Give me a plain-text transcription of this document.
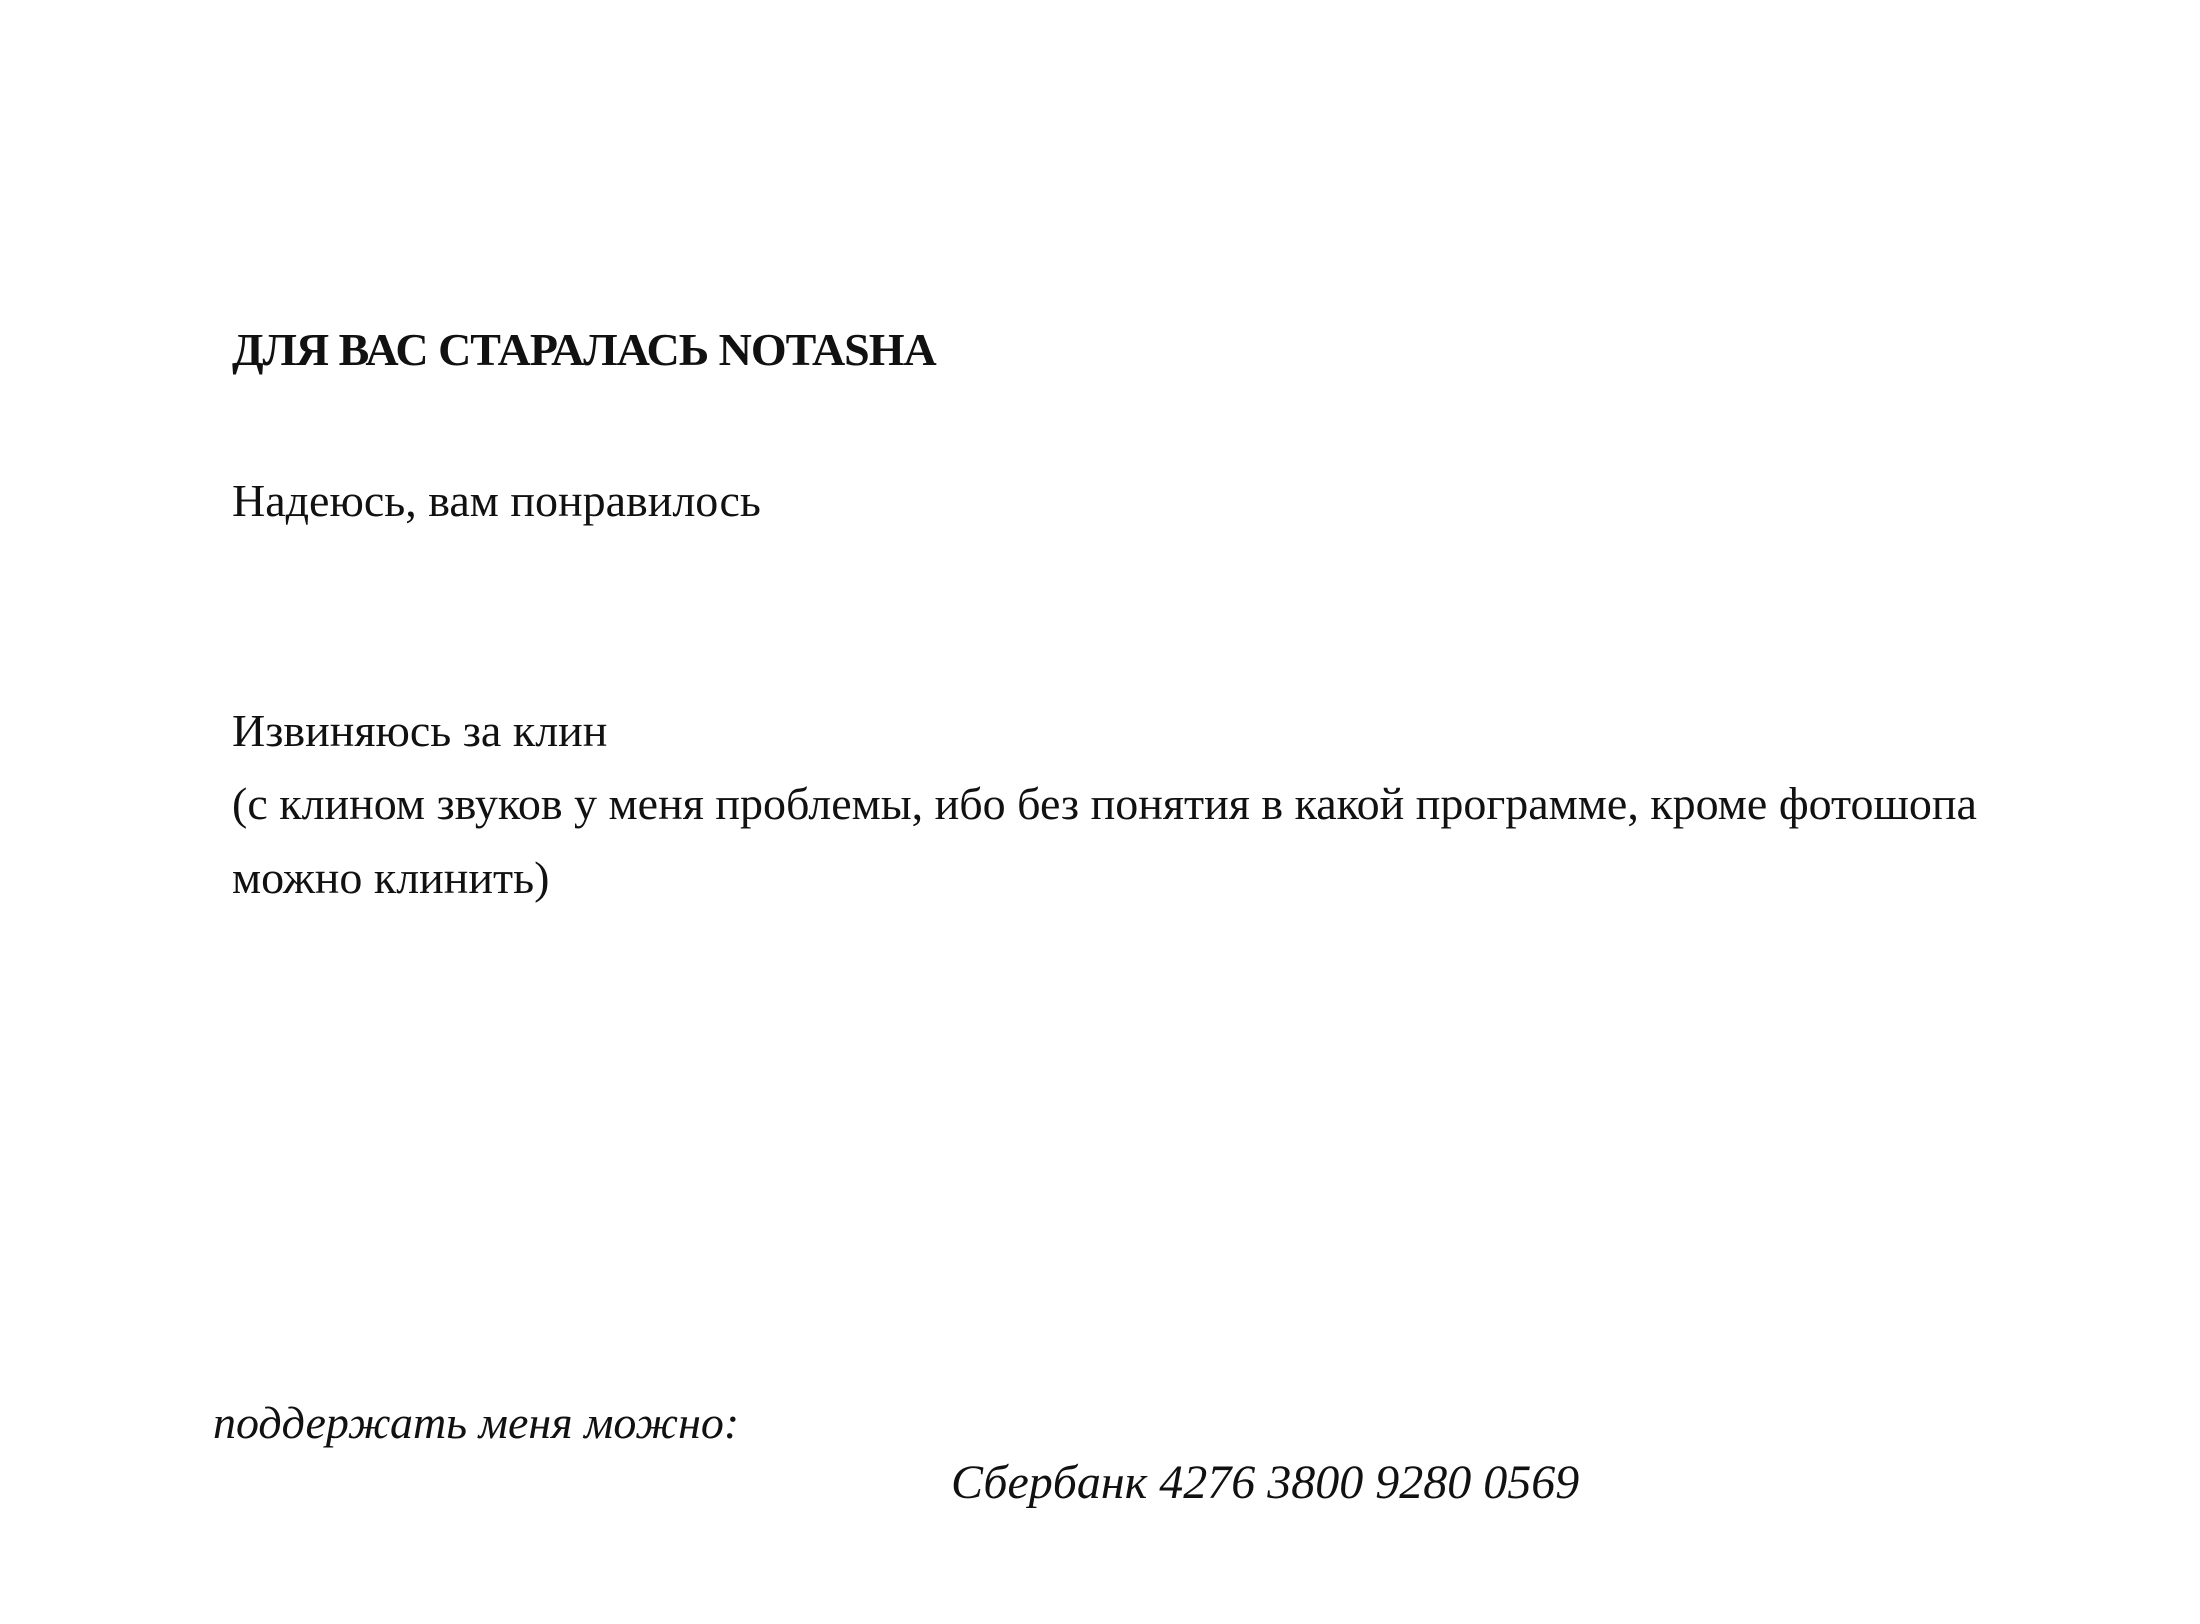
ДЛЯ ВАС СТАРАЛАСЬ NOTASHA
Надеюсь, вам понравилось
Извиняюсь за клин
(с клином звуков у меня проблемы, ибо без понятия в какой программе, кроме фотошопа
можно клинить)
поддержать меня можно:
Сбербанк 4276 3800 9280 0569
